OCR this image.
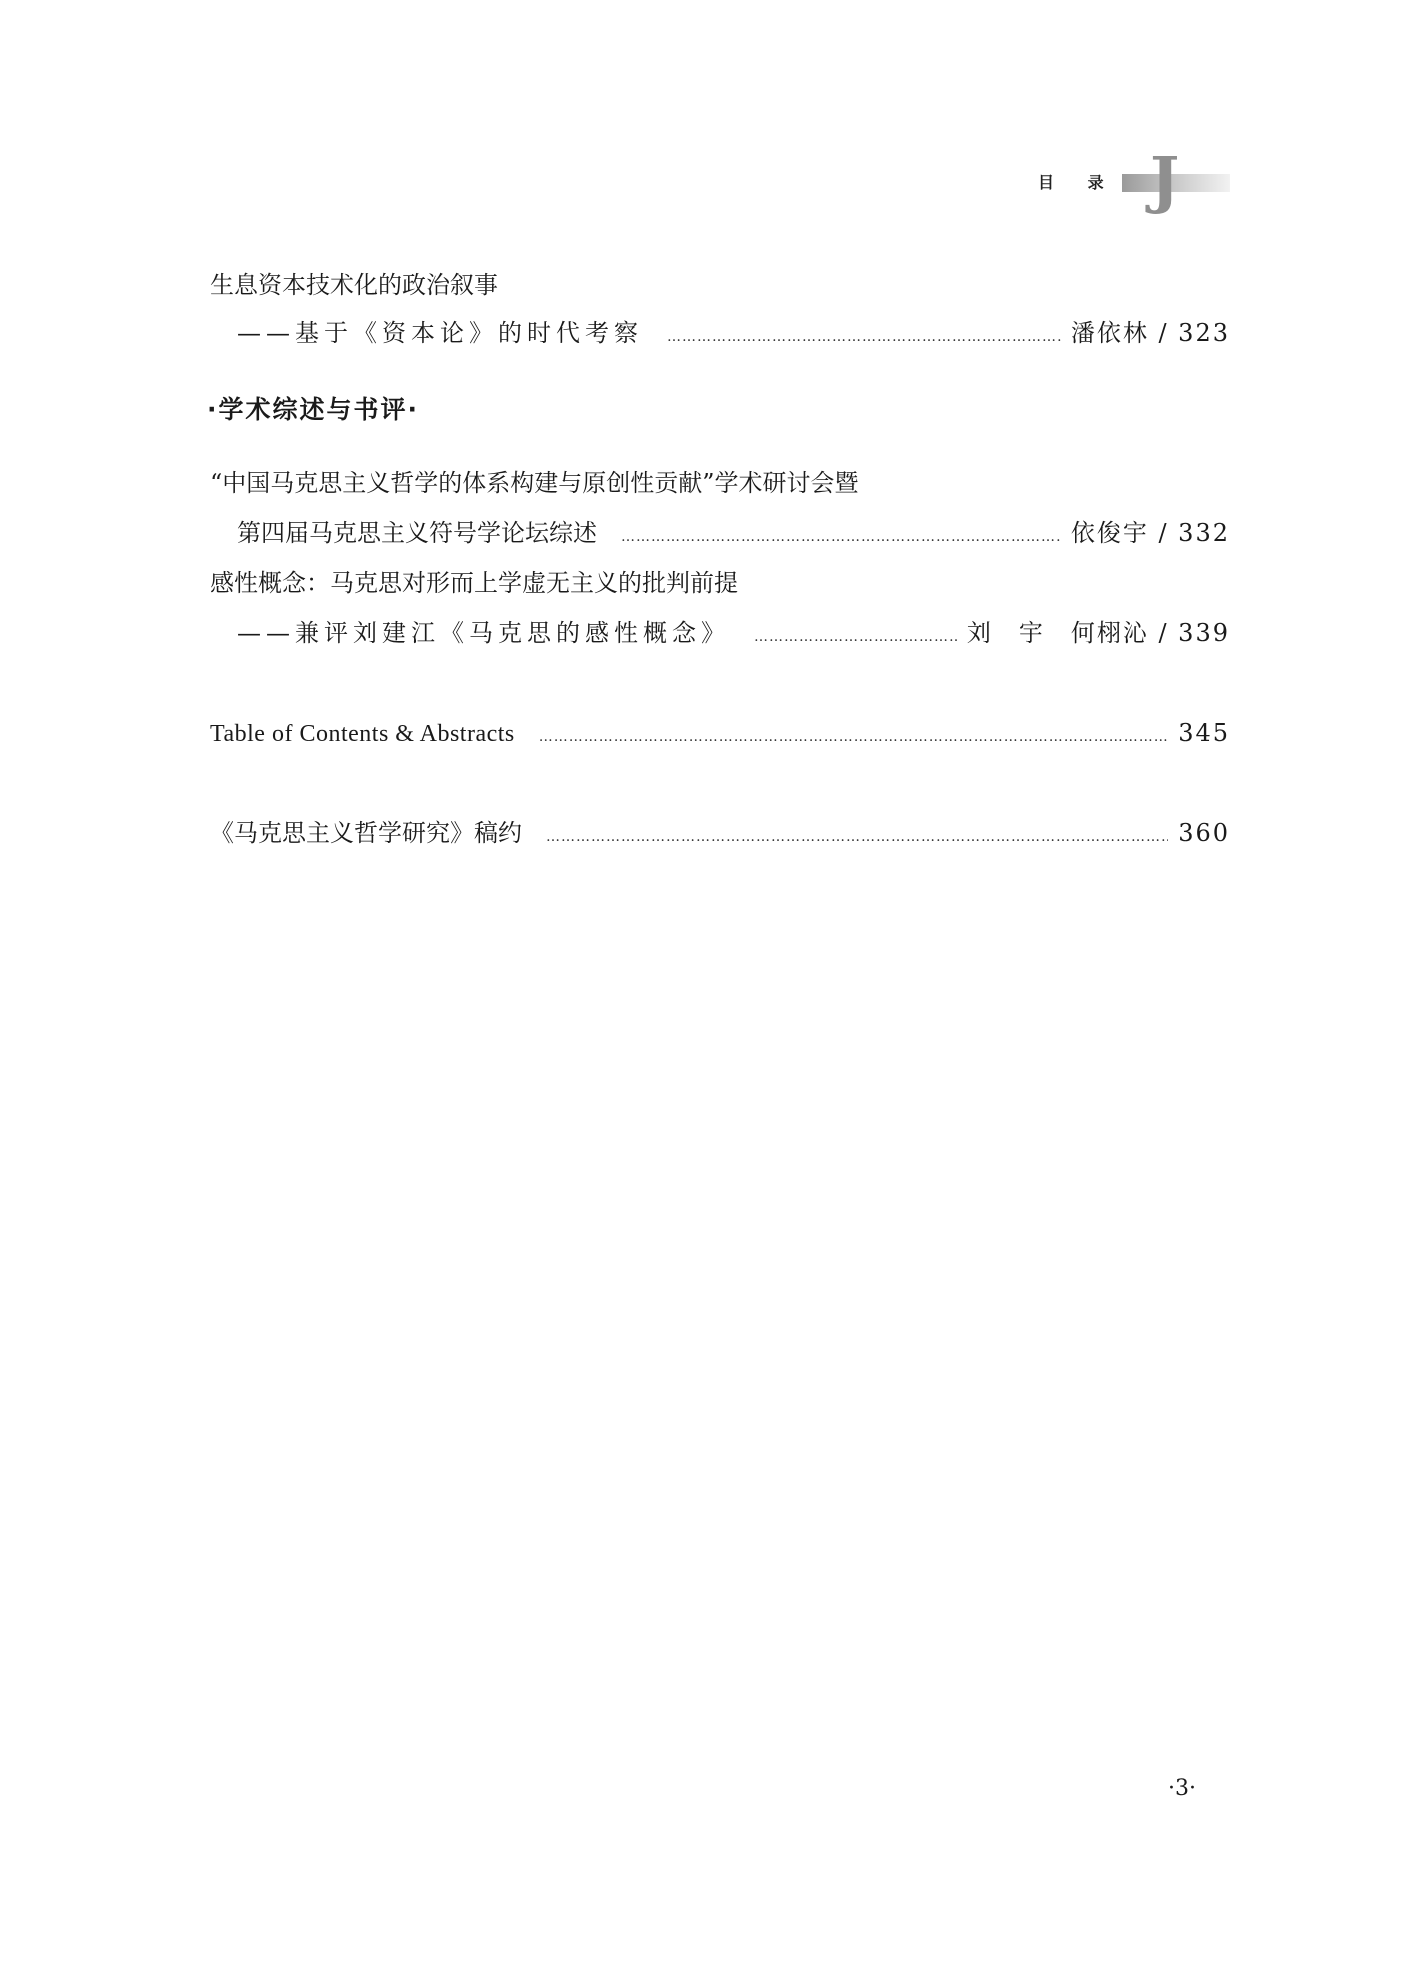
目 录 J
生息资本技术化的政治叙事
——基于《资本论》的时代考察 …………………………………………………………………………………………………………………………………………………………………………………………………	潘依林 / 323
·学术综述与书评·
“中国马克思主义哲学的体系构建与原创性贡献”学术研讨会暨
第四届马克思主义符号学论坛综述 …………………………………………………………………………………………………………………………………………………………………………………………………	依俊宇 / 332
感性概念：马克思对形而上学虚无主义的批判前提
——兼评刘建江《马克思的感性概念》 …………………………………………………………………………………………………………………………………………………………………………………………………	刘　宇　何栩沁 / 339
Table of Contents & Abstracts …………………………………………………………………………………………………………………………………………………………………………………………………	345
《马克思主义哲学研究》稿约 …………………………………………………………………………………………………………………………………………………………………………………………………	360
·3·
